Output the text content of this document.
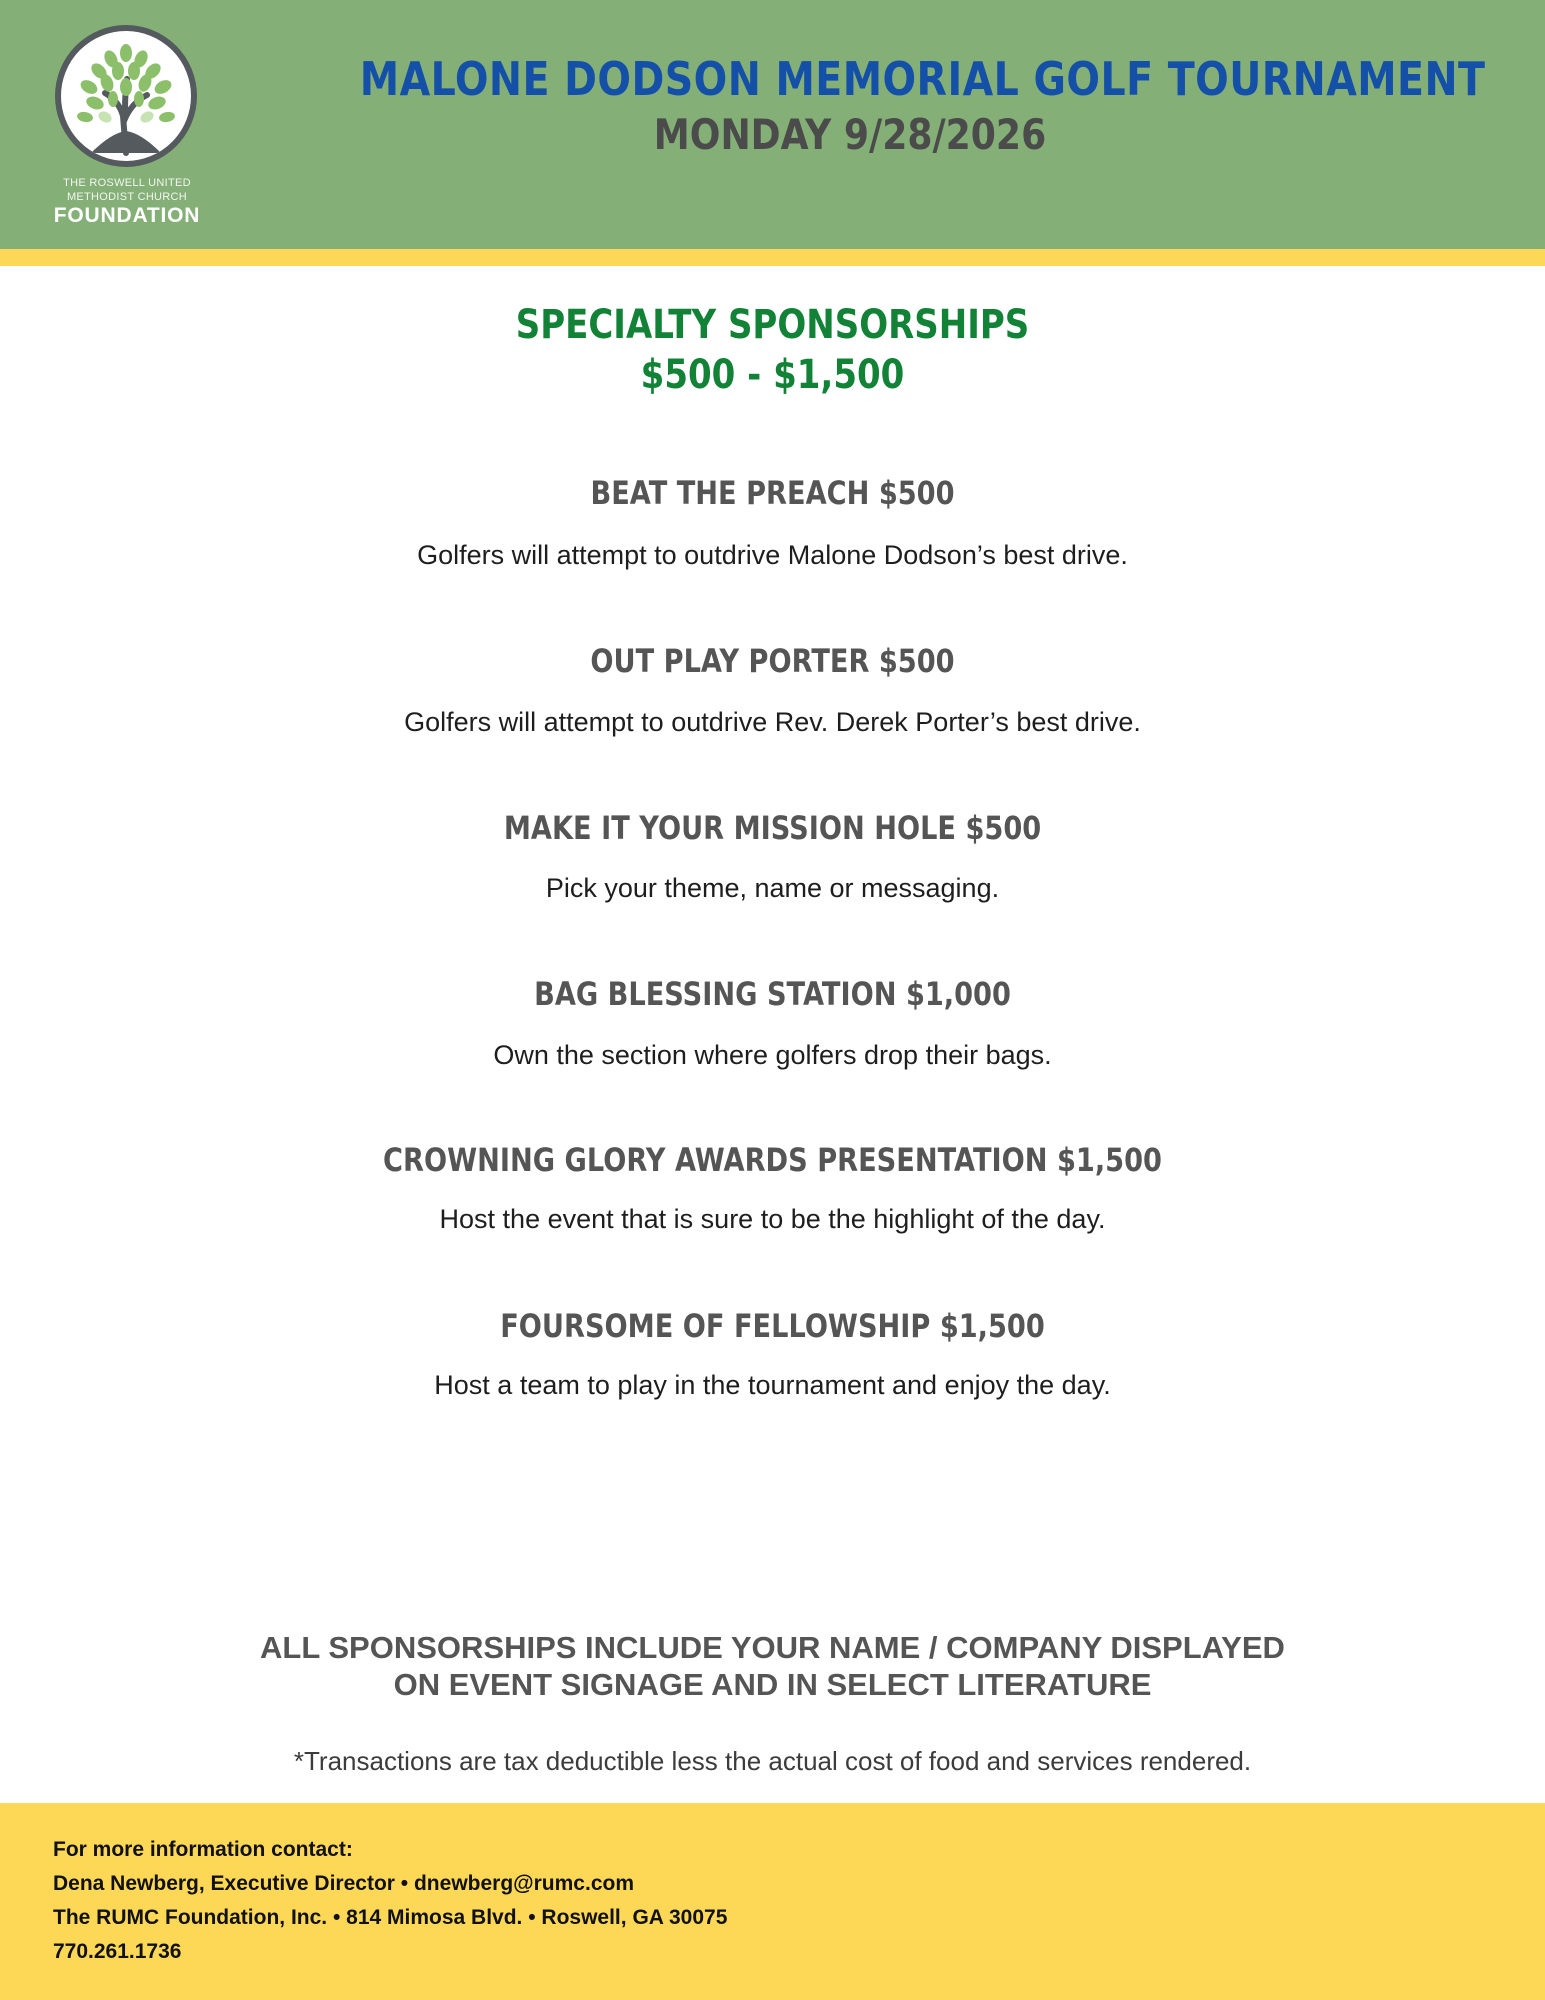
THE ROSWELL UNITED
METHODIST CHURCH
FOUNDATION
MALONE DODSON MEMORIAL GOLF TOURNAMENT
MONDAY 9/28/2026
SPECIALTY SPONSORSHIPS
$500 - $1,500
BEAT THE PREACH $500
Golfers will attempt to outdrive Malone Dodson’s best drive.
OUT PLAY PORTER $500
Golfers will attempt to outdrive Rev. Derek Porter’s best drive.
MAKE IT YOUR MISSION HOLE $500
Pick your theme, name or messaging.
BAG BLESSING STATION $1,000
Own the section where golfers drop their bags.
CROWNING GLORY AWARDS PRESENTATION $1,500
Host the event that is sure to be the highlight of the day.
FOURSOME OF FELLOWSHIP $1,500
Host a team to play in the tournament and enjoy the day.
ALL SPONSORSHIPS INCLUDE YOUR NAME / COMPANY DISPLAYED
ON EVENT SIGNAGE AND IN SELECT LITERATURE
*Transactions are tax deductible less the actual cost of food and services rendered.
For more information contact:
Dena Newberg, Executive Director • dnewberg@rumc.com
The RUMC Foundation, Inc. • 814 Mimosa Blvd. • Roswell, GA 30075
770.261.1736
